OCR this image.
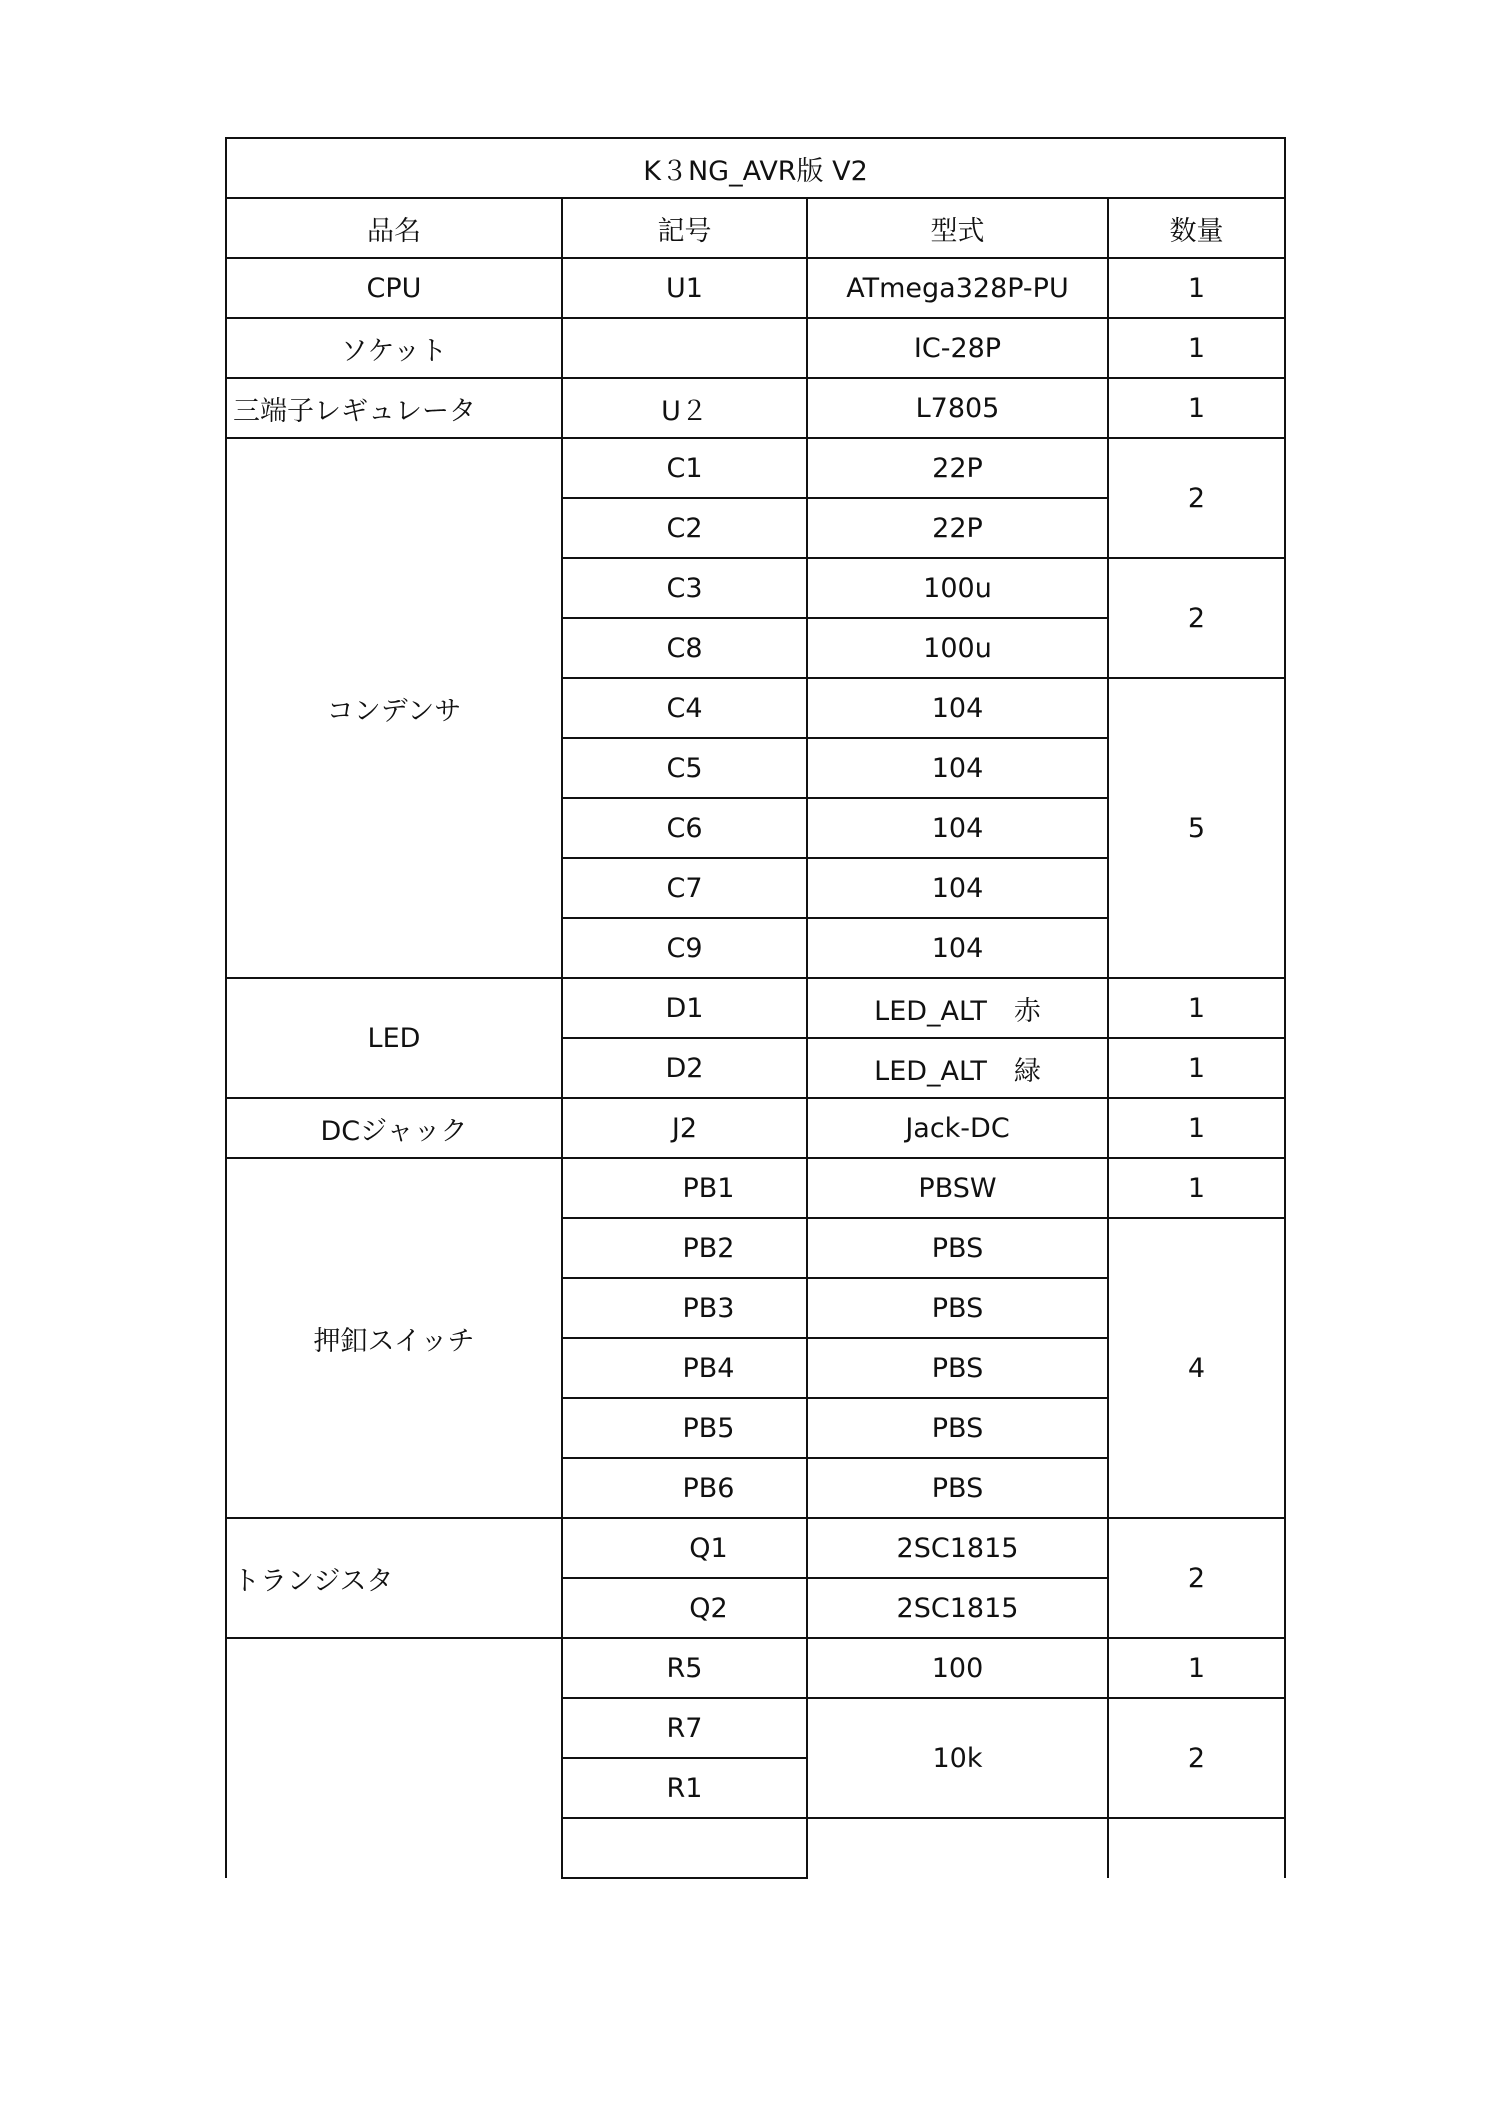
K３NG_AVR版 V2			
品名	記号	型式	数量
CPU	U1	ATmega328P-PU	1
ソケット		IC-28P	1
三端子レギュレータ	U２	L7805	1
コンデンサ	C1	22P	2
	C2	22P	
	C3	100u	2
	C8	100u	
	C4	104	5
	C5	104	
	C6	104	
	C7	104	
	C9	104	
LED	D1	LED_ALT　赤	1
	D2	LED_ALT　緑	1
DCジャック	J2	Jack-DC	1
押釦スイッチ	PB1	PBSW	1
	PB2	PBS	4
	PB3	PBS	
	PB4	PBS	
	PB5	PBS	
	PB6	PBS	
トランジスタ	Q1	2SC1815	2
	Q2	2SC1815	
	R5	100	1
	R7	10k	2
	R1		
